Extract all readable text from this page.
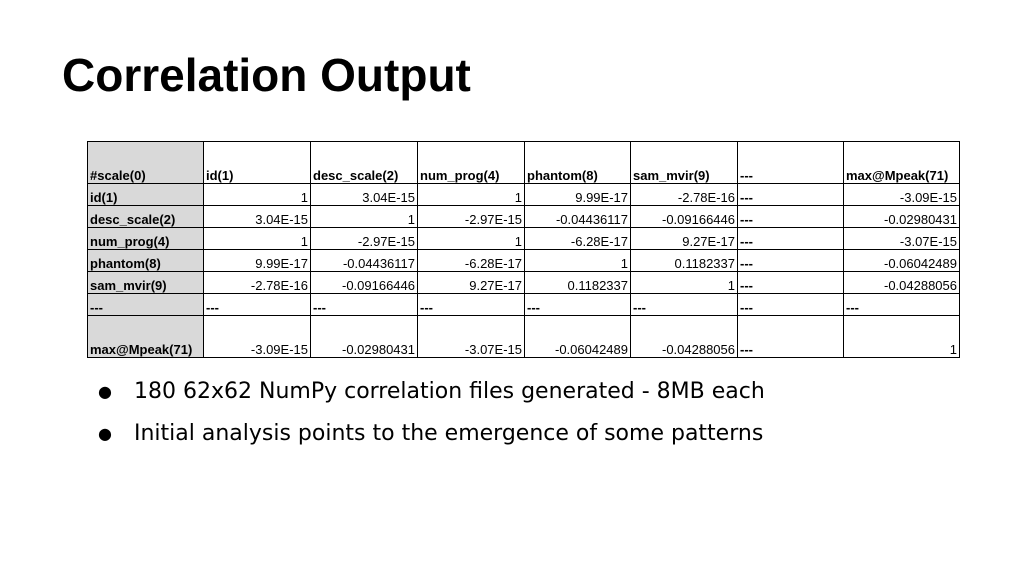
Correlation Output
#scale(0)	id(1)	desc_scale(2)	num_prog(4)	phantom(8)	sam_mvir(9)	---	max@Mpeak(71)
id(1)	1	3.04E-15	1	9.99E-17	-2.78E-16	---	-3.09E-15
desc_scale(2)	3.04E-15	1	-2.97E-15	-0.04436117	-0.09166446	---	-0.02980431
num_prog(4)	1	-2.97E-15	1	-6.28E-17	9.27E-17	---	-3.07E-15
phantom(8)	9.99E-17	-0.04436117	-6.28E-17	1	0.1182337	---	-0.06042489
sam_mvir(9)	-2.78E-16	-0.09166446	9.27E-17	0.1182337	1	---	-0.04288056
---	---	---	---	---	---	---	---
max@Mpeak(71)	-3.09E-15	-0.02980431	-3.07E-15	-0.06042489	-0.04288056	---	1
●	180 62x62 NumPy correlation files generated - 8MB each
●	Initial analysis points to the emergence of some patterns
